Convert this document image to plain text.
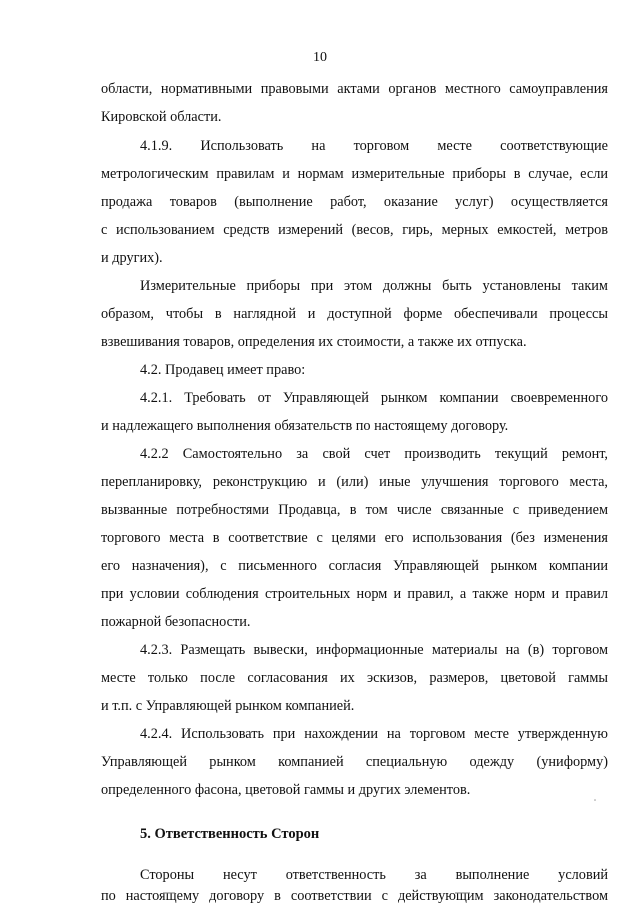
10
области, нормативными правовыми актами органов местного самоуправления
Кировской области.
4.1.9.      Использовать      на      торговом      месте      соответствующие
метрологическим правилам и нормам измерительные приборы в случае, если
продажа товаров (выполнение работ, оказание услуг) осуществляется
с использованием средств измерений (весов, гирь, мерных емкостей, метров
и других).
Измерительные приборы при этом должны быть установлены таким
образом, чтобы в наглядной и доступной форме обеспечивали процессы
взвешивания товаров, определения их стоимости, а также их отпуска.
4.2. Продавец имеет право:
4.2.1. Требовать от Управляющей рынком компании своевременного
и надлежащего выполнения обязательств по настоящему договору.
4.2.2 Самостоятельно за свой счет производить текущий ремонт,
перепланировку, реконструкцию и (или) иные улучшения торгового места,
вызванные потребностями Продавца, в том числе связанные с приведением
торгового места в соответствие с целями его использования (без изменения
его назначения), с письменного согласия Управляющей рынком компании
при условии соблюдения строительных норм и правил, а также норм и правил
пожарной безопасности.
4.2.3. Размещать вывески, информационные материалы на (в) торговом
месте только после согласования их эскизов, размеров, цветовой гаммы
и т.п. с Управляющей рынком компанией.
4.2.4. Использовать при нахождении на торговом месте утвержденную
Управляющей рынком компанией специальную одежду (униформу)
определенного фасона, цветовой гаммы и других элементов.
5. Ответственность Сторон
Стороны несут ответственность за выполнение условий
по настоящему договору в соответствии с действующим законодательством
